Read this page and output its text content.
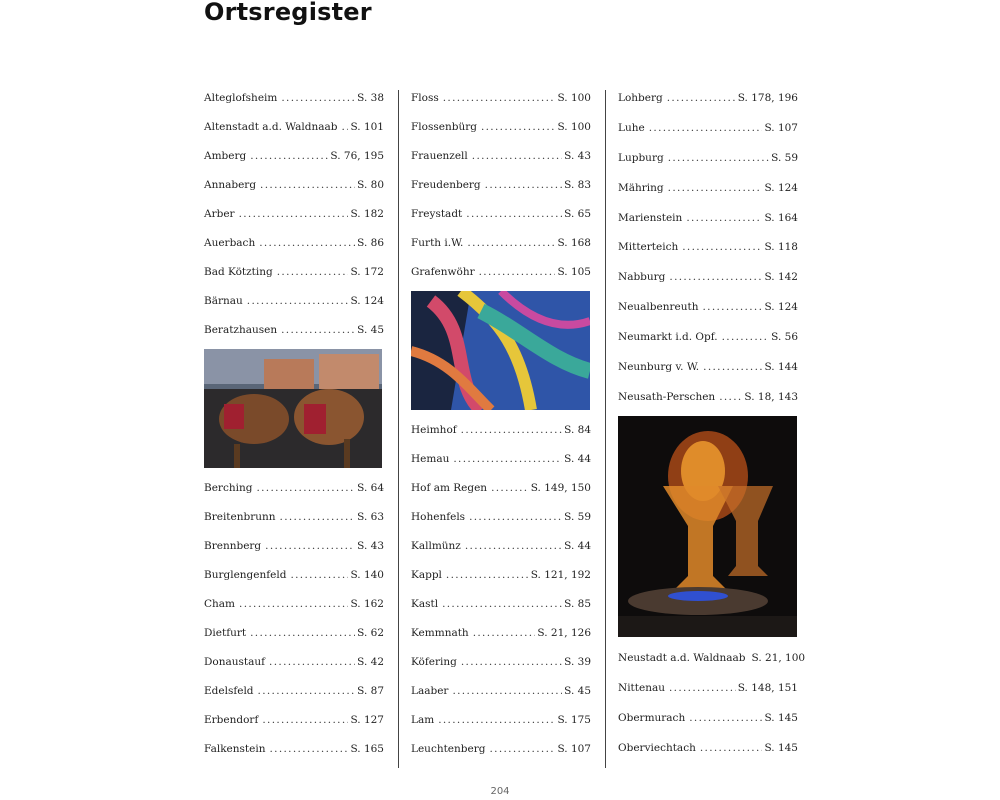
Ortsregister
Alteglofsheim . . .	S. 38
Altenstadt a.d. Waldnaab . . .	S. 101
Amberg . . .	S. 76, 195
Annaberg . . .	S. 80
Arber . . .	S. 182
Auerbach . . .	S. 86
Bad Kötzting . . .	S. 172
Bärnau . . .	S. 124
Beratzhausen . . .	S. 45
Berching . . .	S. 64
Breitenbrunn . . .	S. 63
Brennberg . . .	S. 43
Burglengenfeld . . .	S. 140
Cham . . .	S. 162
Dietfurt . . .	S. 62
Donaustauf . . .	S. 42
Edelsfeld . . .	S. 87
Erbendorf . . .	S. 127
Falkenstein . . .	S. 165
Floss . . .	S. 100
Flossenbürg . . .	S. 100
Frauenzell . . .	S. 43
Freudenberg . . .	S. 83
Freystadt . . .	S. 65
Furth i.W. . . .	S. 168
Grafenwöhr . . .	S. 105
Heimhof . . .	S. 84
Hemau . . .	S. 44
Hof am Regen . . .	S. 149, 150
Hohenfels . . .	S. 59
Kallmünz . . .	S. 44
Kappl . . .	S. 121, 192
Kastl . . .	S. 85
Kemmnath . . .	S. 21, 126
Köfering . . .	S. 39
Laaber . . .	S. 45
Lam . . .	S. 175
Leuchtenberg . . .	S. 107
Lohberg . . .	S. 178, 196
Luhe . . .	S. 107
Lupburg . . .	S. 59
Mähring . . .	S. 124
Marienstein . . .	S. 164
Mitterteich . . .	S. 118
Nabburg . . .	S. 142
Neualbenreuth . . .	S. 124
Neumarkt i.d. Opf. . . .	S. 56
Neunburg v. W. . . .	S. 144
Neusath-Perschen . . .	S. 18, 143
Neustadt a.d. Waldnaab S. 21, 100
Nittenau . . .	S. 148, 151
Obermurach . . .	S. 145
Oberviechtach . . .	S. 145
204
